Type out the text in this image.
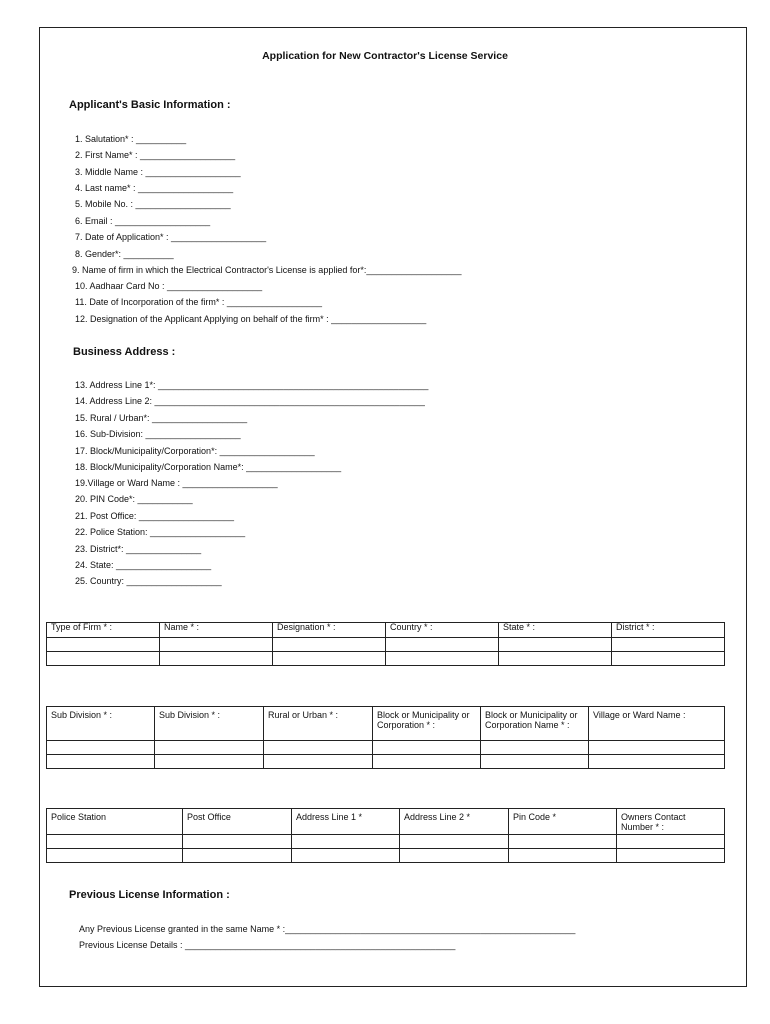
Application for New Contractor's License Service
Applicant's Basic Information :
1. Salutation* : __________
2. First Name* : ___________________
3. Middle Name : ___________________
4. Last name* : ___________________
5. Mobile No. : ___________________
6. Email : ___________________
7. Date of Application* : ___________________
8. Gender*: __________
9. Name of firm in which the Electrical Contractor's License is applied for*:___________________
10. Aadhaar Card No : ___________________
11. Date of Incorporation of the firm* : ___________________
12. Designation of the Applicant Applying on behalf of the firm* : ___________________
Business Address :
13. Address Line 1*: ______________________________________________________
14. Address Line 2: ______________________________________________________
15. Rural / Urban*: ___________________
16. Sub-Division: ___________________
17. Block/Municipality/Corporation*: ___________________
18. Block/Municipality/Corporation Name*: ___________________
19.Village or Ward Name : ___________________
20. PIN Code*: ___________
21. Post Office: ___________________
22. Police Station: ___________________
23. District*: _______________
24. State: ___________________
25. Country: ___________________
Type of Firm * :	Name * :	Designation * :	Country * :	State * :	District * :

Sub Division * :	Sub Division * :	Rural or Urban * :	Block or Municipality or Corporation * :	Block or Municipality or Corporation Name * :	Village or Ward Name :

Police Station	Post Office	Address Line 1 *	Address Line 2 *	Pin Code *	Owners Contact Number * :

Previous License Information :
Any Previous License granted in the same Name * :__________________________________________________________
Previous License Details : ______________________________________________________
